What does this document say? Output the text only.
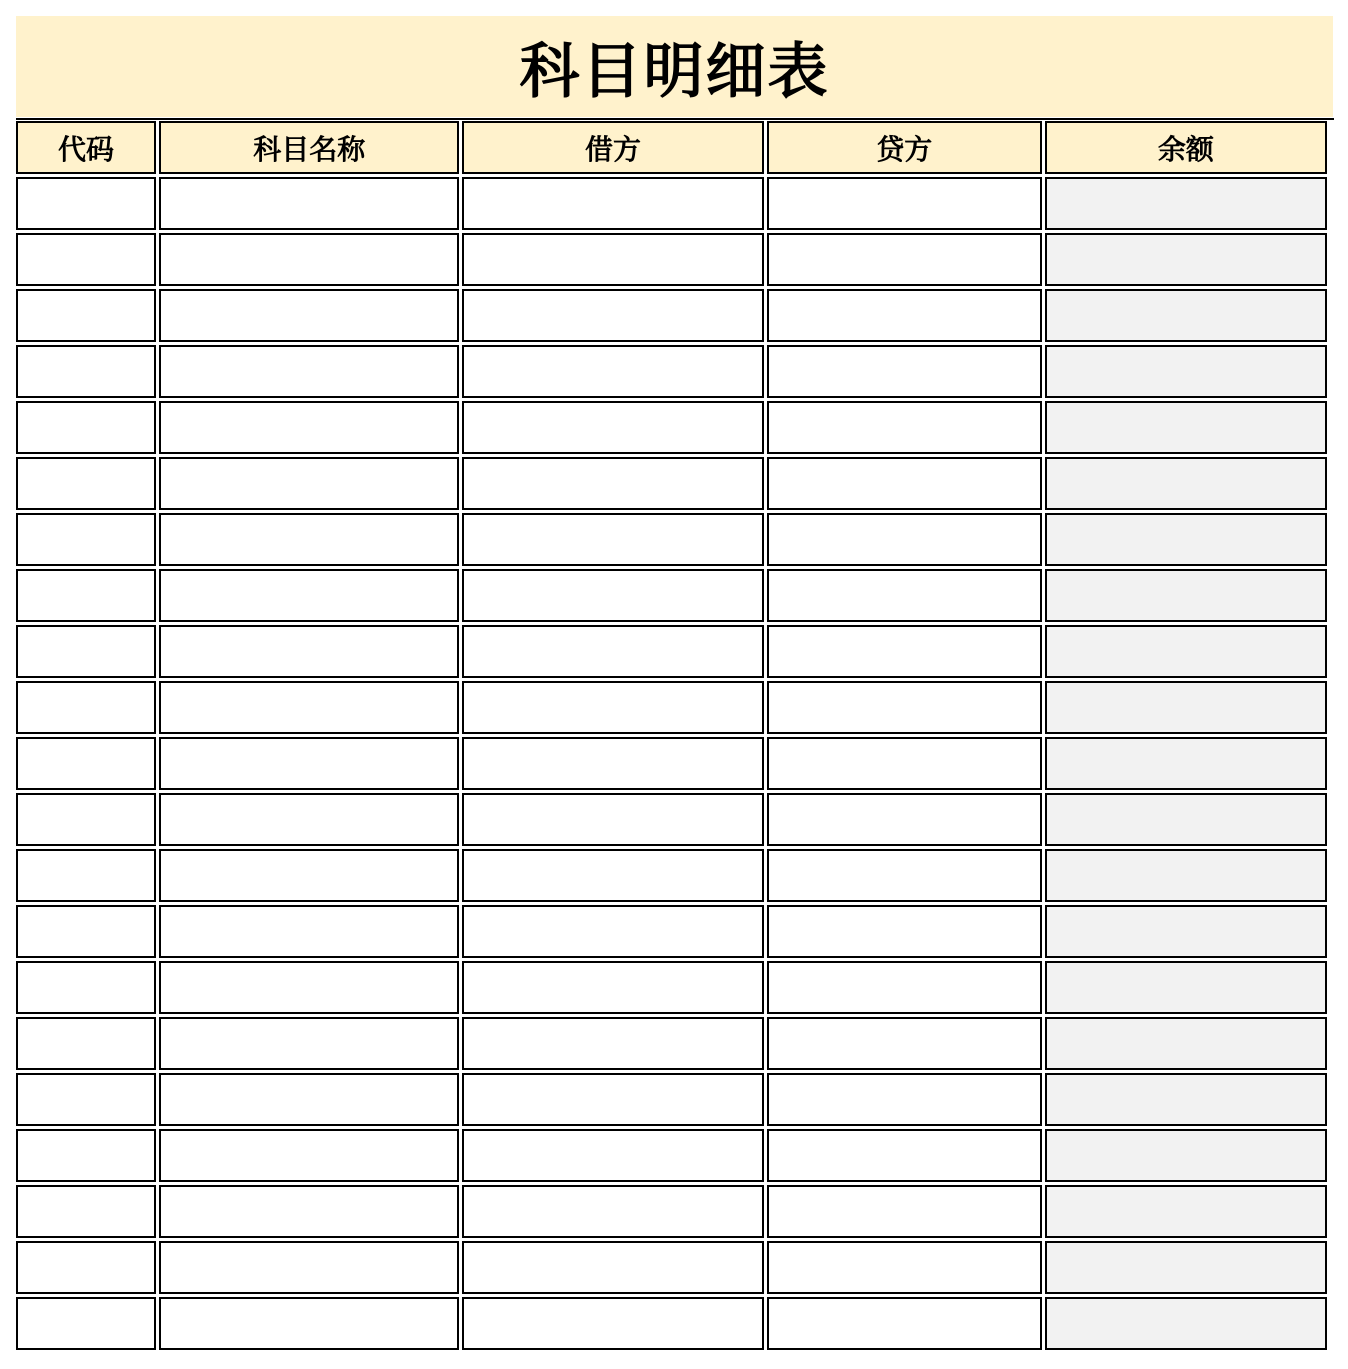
科目明细表
代码	科目名称	借方	贷方	余额
